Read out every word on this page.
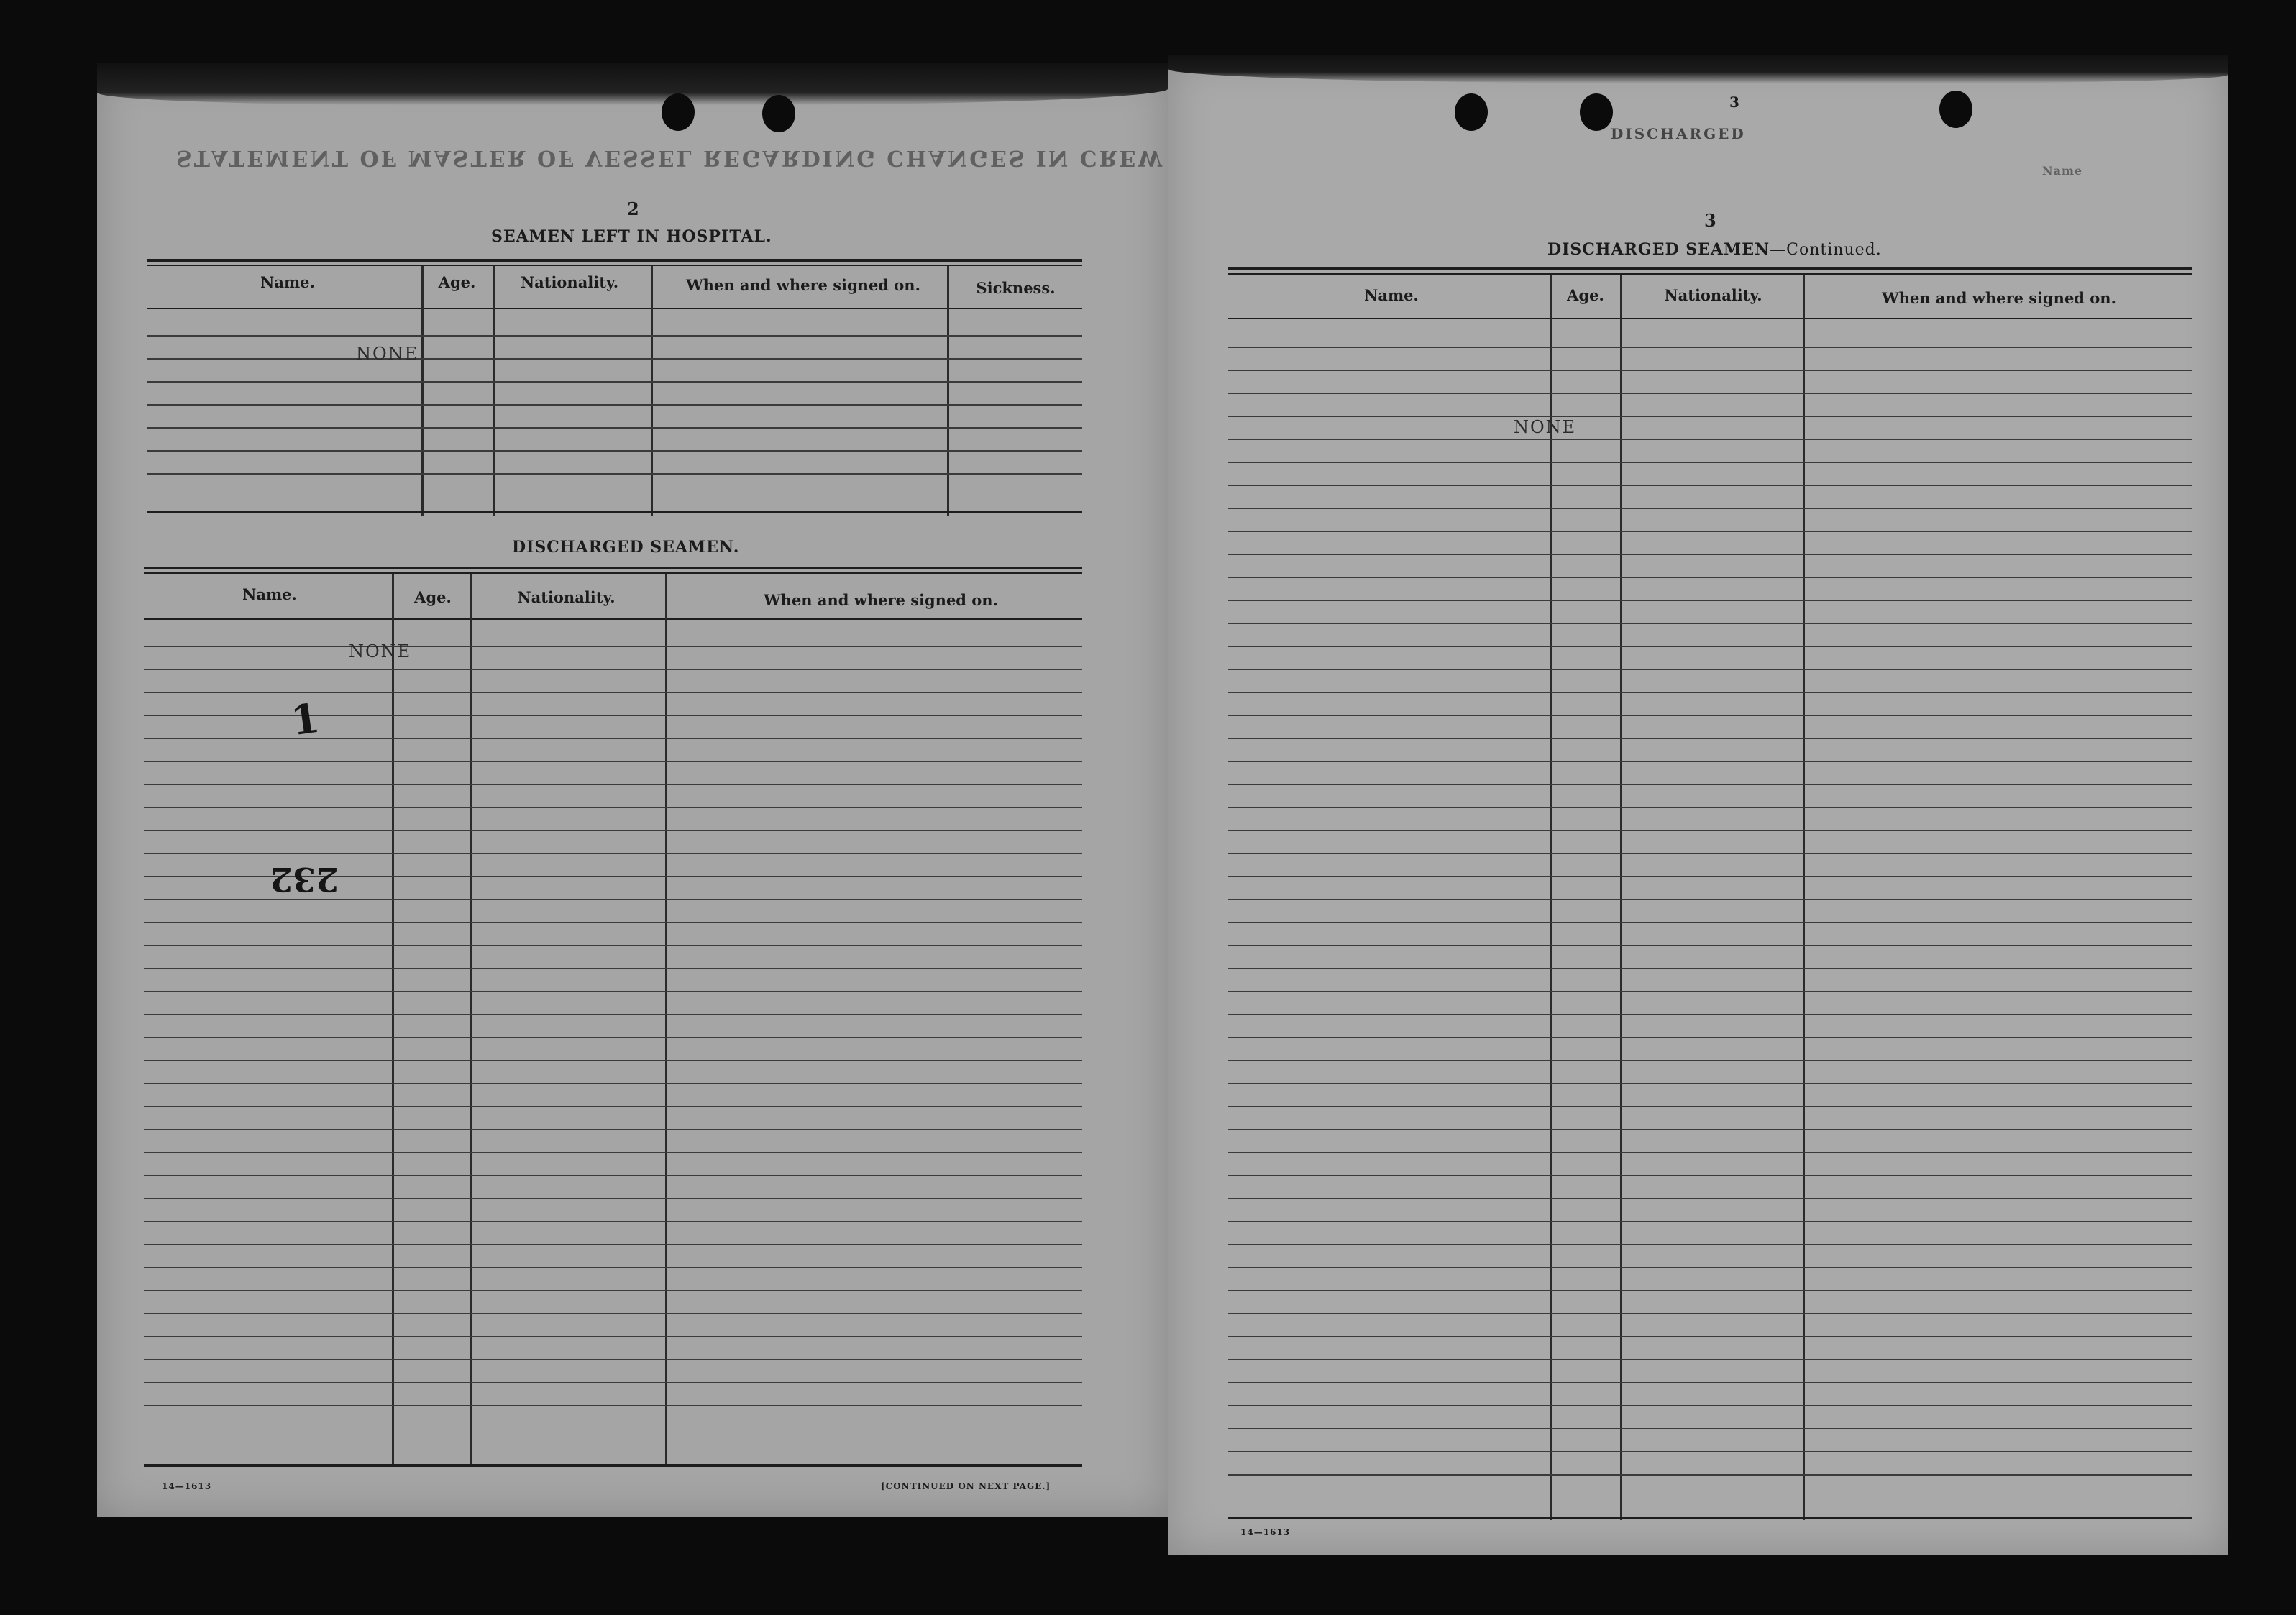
STATEMENT OF MASTER OF VESSEL REGARDING CHANGES IN CREW
2
SEAMEN LEFT IN HOSPITAL.
Name.	Age.	Nationality.	When and where signed on.	Sickness.
NONE
DISCHARGED SEAMEN.
Name.	Age.	Nationality.	When and where signed on.
NONE
1
232
14—1613	[CONTINUED ON NEXT PAGE.]
3
DISCHARGED
Name
3
DISCHARGED SEAMEN—Continued.
Name.	Age.	Nationality.	When and where signed on.
NONE
14—1613
